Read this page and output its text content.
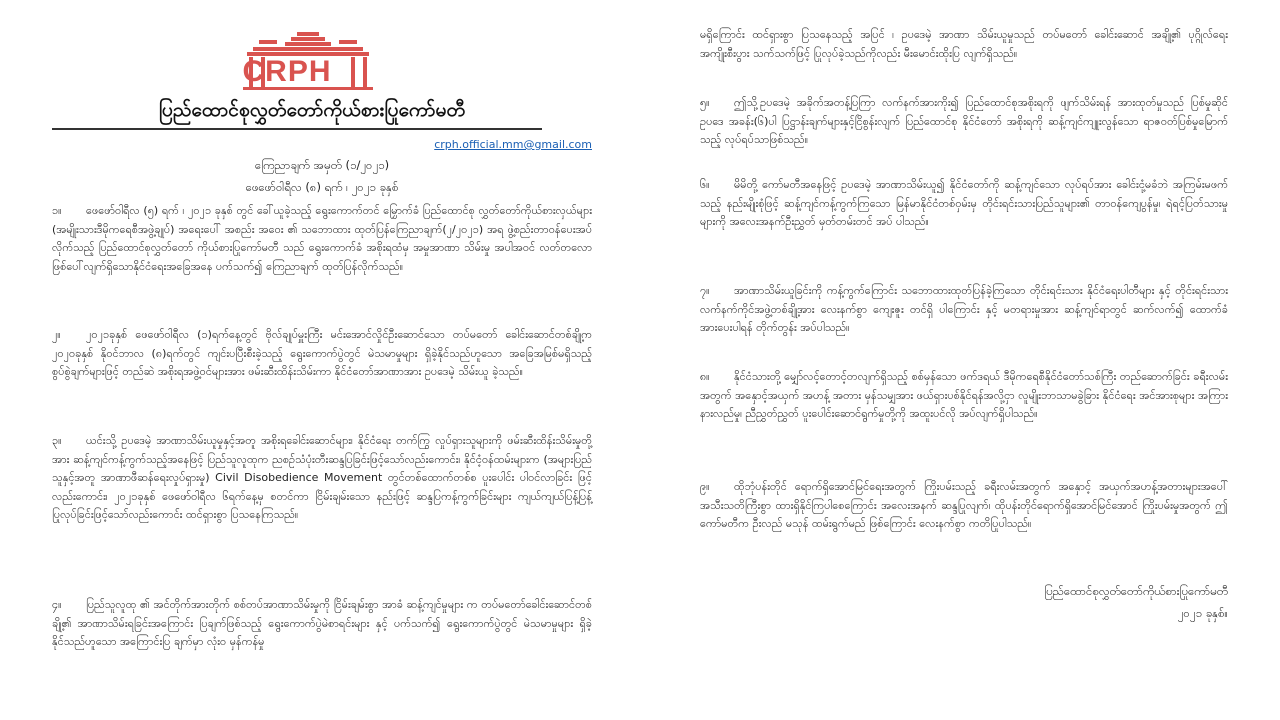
CRPH
ပြည်ထောင်စုလွှတ်တော်ကိုယ်စားပြုကော်မတီ
crph.official.mm@gmail.com
ကြေညာချက် အမှတ် (၁/၂၀၂၁)
ဖေဖော်ဝါရီလ (၈) ရက် ၊ ၂၀၂၁ ခုနှစ်
၁။ ဖေဖော်ဝါရီလ (၅) ရက် ၊ ၂၀၂၁ ခုနှစ် တွင် ခေါ်ယူခဲ့သည့် ရွေးကောက်တင် မြှောက်ခံ ပြည်ထောင်စု လွှတ်တော်ကိုယ်စားလှယ်များ (အမျိုးသားဒီမိုကရေစီအဖွဲ့ချုပ်) အရေးပေါ် အစည်း အဝေး ၏ သဘောထား ထုတ်ပြန်ကြေညာချက်(၂/၂၀၂၁) အရ ဖွဲ့စည်းတာဝန်ပေးအပ်လိုက်သည့် ပြည်ထောင်စုလွှတ်တော် ကိုယ်စားပြုကော်မတီ သည် ရွေးကောက်ခံ အစိုးရထံမှ အမှုအာဏာ သိမ်းမှု အပါအဝင် လတ်တလော ဖြစ်ပေါ်လျက်ရှိသောနိုင်ငံရေးအခြေအနေ ပက်သက်၍ ကြေညာချက် ထုတ်ပြန်လိုက်သည်။
၂။ ၂၀၂၁ခုနှစ် ဖေဖော်ဝါရီလ (၁)ရက်နေ့တွင် ဗိုလ်ချုပ်မှူးကြီး မင်းအောင်လှိုင်ဦးဆောင်သော တပ်မတော် ခေါင်းဆောင်တစ်ချို့က ၂၀၂၀ခုနှစ် နိုဝင်ဘာလ (၈)ရက်တွင် ကျင်းပပြီးစီးခဲ့သည့် ရွေးကောက်ပွဲတွင် မဲသမာမှုများ ရှိခဲ့နိုင်သည်ဟူသော အခြေအမြစ်မရှိသည့် စွပ်စွဲချက်များဖြင့် တည်ဆဲ အစိုးရအဖွဲ့ဝင်များအား ဖမ်းဆီးထိန်းသိမ်းကာ နိုင်ငံတော်အာဏာအား ဥပဒေမဲ့ သိမ်းယူ ခဲ့သည်။
၃။ ယင်းသို့ ဥပဒေမဲ့ အာဏာသိမ်းယူမှုနှင့်အတူ အစိုးရခေါင်းဆောင်များ၊ နိုင်ငံရေး တက်ကြွ လှုပ်ရှားသူများကို ဖမ်းဆီးထိန်းသိမ်းမှုတို့အား ဆန့်ကျင်ကန့်ကွက်သည့်အနေဖြင့် ပြည်သူလူထုက ညစဉ်သံပုံးတီးဆန္ဒပြခြင်းဖြင့်သော်လည်းကောင်း၊ နိုင်ငံ့ဝန်ထမ်းများက (အများပြည်သူနှင့်အတူ အာဏာဖီဆန်ရေးလှုပ်ရှားမှု) Civil Disobedience Movement တွင်တစ်ထောက်တစ်စ ပူးပေါင်း ပါဝင်လာခြင်း ဖြင့် လည်းကောင်း၊ ၂၀၂၁ခုနှစ် ဖေဖော်ဝါရီလ ၆ရက်နေ့မှ စတင်ကာ ငြိမ်းချမ်းသော နည်းဖြင့် ဆန္ဒပြကန့်ကွက်ခြင်းများ ကျယ်ကျယ်ပြန့်ပြန့် ပြုလုပ်ခြင်းဖြင့်သော်လည်းကောင်း ထင်ရှားစွာ ပြသနေကြသည်။
၄။ ပြည်သူလူထု ၏ အင်တိုက်အားတိုက် စစ်တပ်အာဏာသိမ်းမှုကို ငြိမ်းချမ်းစွာ အာခံ ဆန့်ကျင်မှုများ က တပ်မတော်ခေါင်းဆောင်တစ်ချို့၏ အာဏာသိမ်းရခြင်းအကြောင်း ပြချက်ဖြစ်သည့် ရွေးကောက်ပွဲမဲစာရင်းများ နှင့် ပက်သက်၍ ရွေးကောက်ပွဲတွင် မဲသမာမှုများ ရှိခဲ့နိုင်သည်ဟူသော အကြောင်းပြ ချက်မှာ လုံးဝ မှန်ကန်မှု
မရှိကြောင်း ထင်ရှားစွာ ပြသနေသည့် အပြင် ၊ ဥပဒေမဲ့ အာဏာ သိမ်းယူမှုသည် တပ်မတော် ခေါင်းဆောင် အချို့၏ ပုဂ္ဂိုလ်ရေးအကျိုးစီးပွား သက်သက်ဖြင့် ပြုလုပ်ခဲ့သည်ကိုလည်း မီးမောင်းထိုးပြ လျက်ရှိသည်။
၅။ ဤသို့ဥပဒေမဲ့ အခိုက်အတန့်ပြကြာ လက်နက်အားကိုး၍ ပြည်ထောင်စုအစိုးရကို ဖျက်သိမ်းရန် အားထုတ်မှုသည် ပြစ်မှုဆိုင် ဥပဒေ အခန်း(၆)ပါ ပြဋ္ဌာန်းချက်များနှင့်ငြိစွန်းလျက် ပြည်ထောင်စု နိုင်ငံတော် အစိုးရကို ဆန့်ကျင်ကျူးလွန်သော ရာဇဝတ်ပြစ်မှုမြောက်သည့် လုပ်ရပ်သာဖြစ်သည်။
၆။ မိမိတို့ ကော်မတီအနေဖြင့် ဥပဒေမဲ့ အာဏာသိမ်းယူ၍ နိုင်ငံတော်ကို ဆန့်ကျင်သော လုပ်ရပ်အား ခေါင်းငုံ့မခံဘဲ အကြမ်းမဖက်သည့် နည်းမျိုးစုံဖြင့် ဆန့်ကျင်ကန့်ကွက်ကြသော မြန်မာနိုင်ငံတစ်ဝှမ်းမှ တိုင်းရင်းသားပြည်သူများ၏ တာဝန်ကျေပွန်မှု၊ ရဲရင့်ပြတ်သားမှုများကို အလေးအနက်ဦးညွှတ် မှတ်တမ်းတင် အပ် ပါသည်။
၇။ အာဏာသိမ်းယူခြင်းကို ကန့်ကွက်ကြောင်း သဘောထားထုတ်ပြန်ခဲ့ကြသော တိုင်းရင်းသား နိုင်ငံရေးပါတီများ နှင့် တိုင်းရင်းသားလက်နက်ကိုင်အဖွဲ့တစ်ချို့အား လေးနက်စွာ ကျေးဇူး တင်ရှိ ပါကြောင်း နှင့် မတရားမှုအား ဆန့်ကျင်ရာတွင် ဆက်လက်၍ ထောက်ခံအားပေးပါရန် တိုက်တွန်း အပ်ပါသည်။
၈။ နိုင်ငံသားတို့ မျှော်လင့်တောင့်တလျက်ရှိသည့် စစ်မှန်သော ဖက်ဒရယ် ဒီမိုကရေစီနိုင်ငံတော်သစ်ကြီး တည်ဆောက်ခြင်း ခရီးလမ်းအတွက် အနှောင့်အယှက် အဟန့် အတား မှန်သမျှအား ဖယ်ရှားပစ်နိုင်ရန်အလို့ငှာ လူမျိုးဘာသာမခွဲခြား နိုင်ငံရေး အင်အားစုများ အကြား နားလည်မှု၊ ညီညွှတ်ညွှတ် ပူးပေါင်းဆောင်ရွက်မှုတို့ကို အထူးပင်လို အပ်လျက်ရှိပါသည်။
၉။ ထိုဘုံပန်းတိုင် ရောက်ရှိအောင်မြင်ရေးအတွက် ကြိုးပမ်းသည့် ခရီးလမ်းအတွက် အနှောင့် အယှက်အဟန့်အတားများအပေါ် အသီးသတိကြီးစွာ ထားရှိနိုင်ကြပါစေကြောင်း အလေးအနက် ဆန္ဒပြုလျက်၊ ထိုပန်းတိုင်ရောက်ရှိအောင်မြင်အောင် ကြိုးပမ်းမှုအတွက် ဤကော်မတီက ဦးလည် မသုန် ထမ်းရွက်မည် ဖြစ်ကြောင်း လေးနက်စွာ ကတိပြုပါသည်။
ပြည်ထောင်စုလွှတ်တော်ကိုယ်စားပြုကော်မတီ
၂၀၂၁ ခုနှစ်။
